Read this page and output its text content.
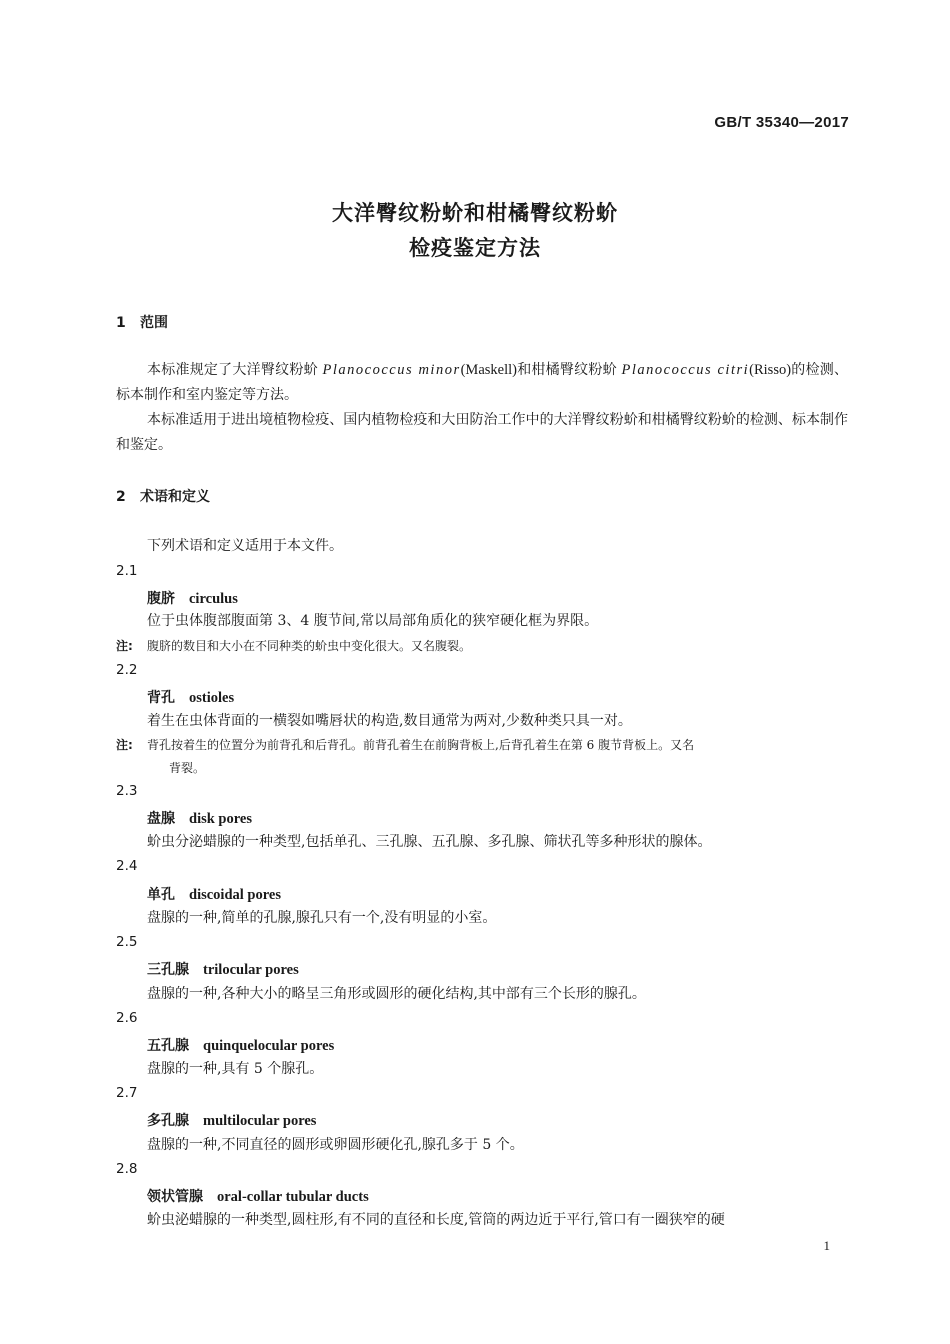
GB/T 35340—2017
大洋臀纹粉蚧和柑橘臀纹粉蚧
检疫鉴定方法
1 范围
本标准规定了大洋臀纹粉蚧 Planococcus minor(Maskell)和柑橘臀纹粉蚧 Planococcus citri(Risso)的检测、标本制作和室内鉴定等方法。
本标准适用于进出境植物检疫、国内植物检疫和大田防治工作中的大洋臀纹粉蚧和柑橘臀纹粉蚧的检测、标本制作和鉴定。
2 术语和定义
下列术语和定义适用于本文件。
2.1
腹脐 circulus
位于虫体腹部腹面第 3、4 腹节间,常以局部角质化的狭窄硬化框为界限。
注: 腹脐的数目和大小在不同种类的蚧虫中变化很大。又名腹裂。
2.2
背孔 ostioles
着生在虫体背面的一横裂如嘴唇状的构造,数目通常为两对,少数种类只具一对。
注: 背孔按着生的位置分为前背孔和后背孔。前背孔着生在前胸背板上,后背孔着生在第 6 腹节背板上。又名
背裂。
2.3
盘腺 disk pores
蚧虫分泌蜡腺的一种类型,包括单孔、三孔腺、五孔腺、多孔腺、筛状孔等多种形状的腺体。
2.4
单孔 discoidal pores
盘腺的一种,简单的孔腺,腺孔只有一个,没有明显的小室。
2.5
三孔腺 trilocular pores
盘腺的一种,各种大小的略呈三角形或圆形的硬化结构,其中部有三个长形的腺孔。
2.6
五孔腺 quinquelocular pores
盘腺的一种,具有 5 个腺孔。
2.7
多孔腺 multilocular pores
盘腺的一种,不同直径的圆形或卵圆形硬化孔,腺孔多于 5 个。
2.8
领状管腺 oral-collar tubular ducts
蚧虫泌蜡腺的一种类型,圆柱形,有不同的直径和长度,管筒的两边近于平行,管口有一圈狭窄的硬
1
